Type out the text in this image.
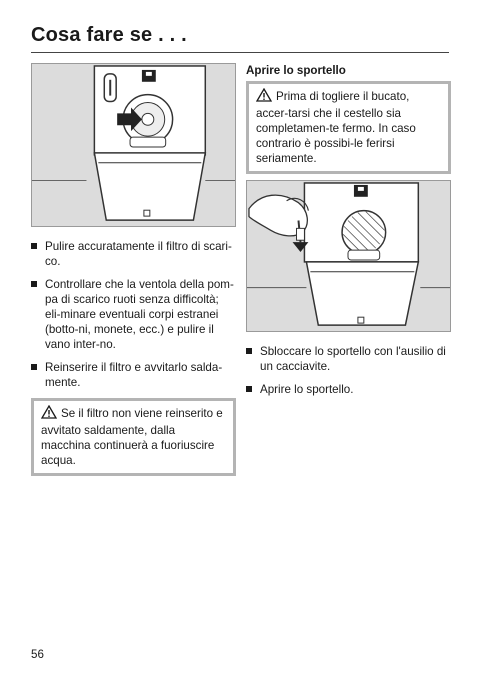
Cosa fare se . . .
Pulire accuratamente il filtro di scari-co.
Controllare che la ventola della pom-pa di scarico ruoti senza difficoltà; eli-minare eventuali corpi estranei (botto-ni, monete, ecc.) e pulire il vano inter-no.
Reinserire il filtro e avvitarlo salda-mente.
Se il filtro non viene reinserito e avvitato saldamente, dalla macchina continuerà a fuoriuscire acqua.
Aprire lo sportello
Prima di togliere il bucato, accer-tarsi che il cestello sia completamen-te fermo. In caso contrario è possibi-le ferirsi seriamente.
Sbloccare lo sportello con l'ausilio di un cacciavite.
Aprire lo sportello.
56
